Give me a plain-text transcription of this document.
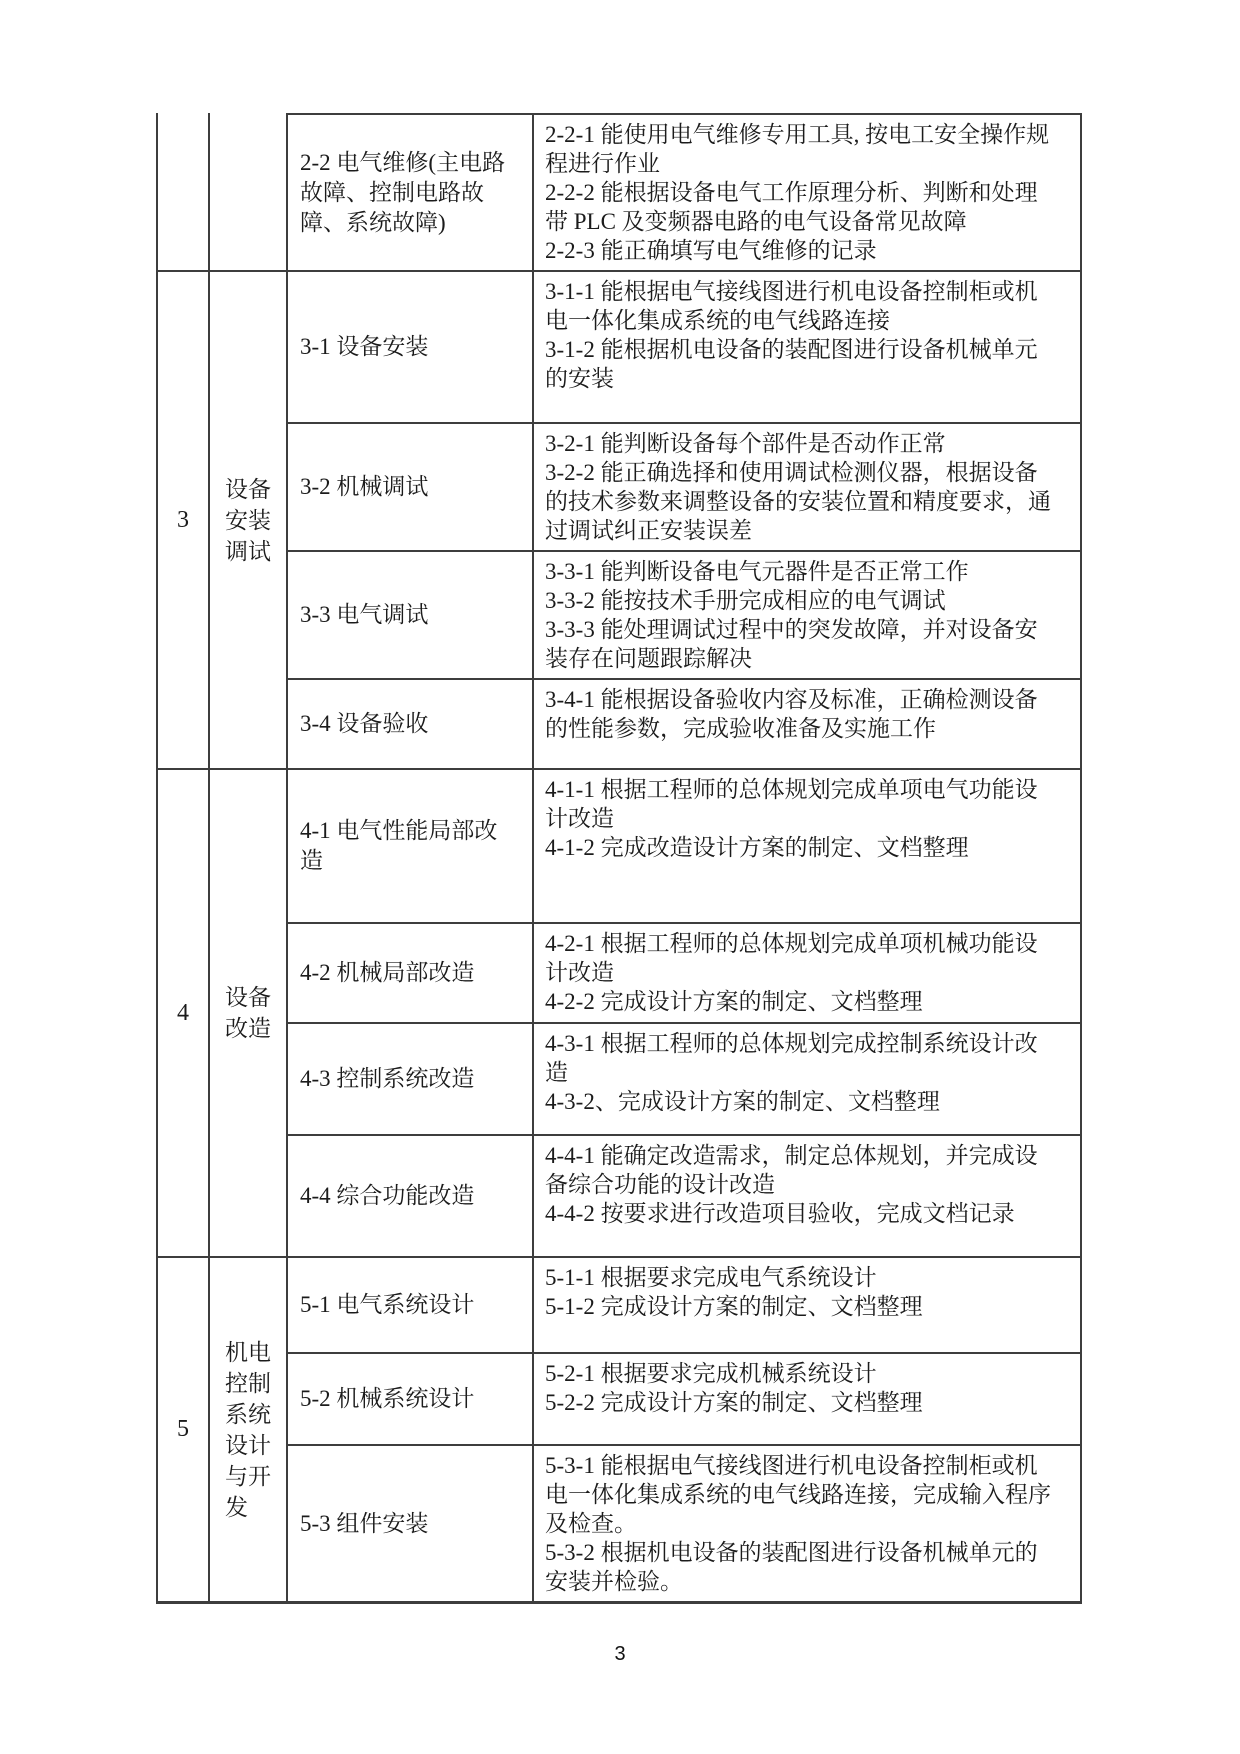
2-2 电气维修(主电路故障、控制电路故障、系统故障)
2-2-1 能使用电气维修专用工具, 按电工安全操作规程进行作业
2-2-2 能根据设备电气工作原理分析、判断和处理带 PLC 及变频器电路的电气设备常见故障
2-2-3 能正确填写电气维修的记录
3
设备
安装
调试
3-1 设备安装
3-1-1 能根据电气接线图进行机电设备控制柜或机电一体化集成系统的电气线路连接
3-1-2 能根据机电设备的装配图进行设备机械单元的安装
3-2 机械调试
3-2-1 能判断设备每个部件是否动作正常
3-2-2 能正确选择和使用调试检测仪器，根据设备的技术参数来调整设备的安装位置和精度要求，通过调试纠正安装误差
3-3 电气调试
3-3-1 能判断设备电气元器件是否正常工作
3-3-2 能按技术手册完成相应的电气调试
3-3-3 能处理调试过程中的突发故障，并对设备安装存在问题跟踪解决
3-4 设备验收
3-4-1 能根据设备验收内容及标准，正确检测设备的性能参数，完成验收准备及实施工作
4
设备
改造
4-1 电气性能局部改造
4-1-1 根据工程师的总体规划完成单项电气功能设计改造
4-1-2 完成改造设计方案的制定、文档整理
4-2 机械局部改造
4-2-1 根据工程师的总体规划完成单项机械功能设计改造
4-2-2 完成设计方案的制定、文档整理
4-3 控制系统改造
4-3-1 根据工程师的总体规划完成控制系统设计改造
4-3-2、完成设计方案的制定、文档整理
4-4 综合功能改造
4-4-1 能确定改造需求，制定总体规划，并完成设备综合功能的设计改造
4-4-2 按要求进行改造项目验收，完成文档记录
5
机电
控制
系统
设计
与开
发
5-1 电气系统设计
5-1-1 根据要求完成电气系统设计
5-1-2 完成设计方案的制定、文档整理
5-2 机械系统设计
5-2-1 根据要求完成机械系统设计
5-2-2 完成设计方案的制定、文档整理
5-3 组件安装
5-3-1 能根据电气接线图进行机电设备控制柜或机电一体化集成系统的电气线路连接，完成输入程序及检查。
5-3-2 根据机电设备的装配图进行设备机械单元的安装并检验。
3
